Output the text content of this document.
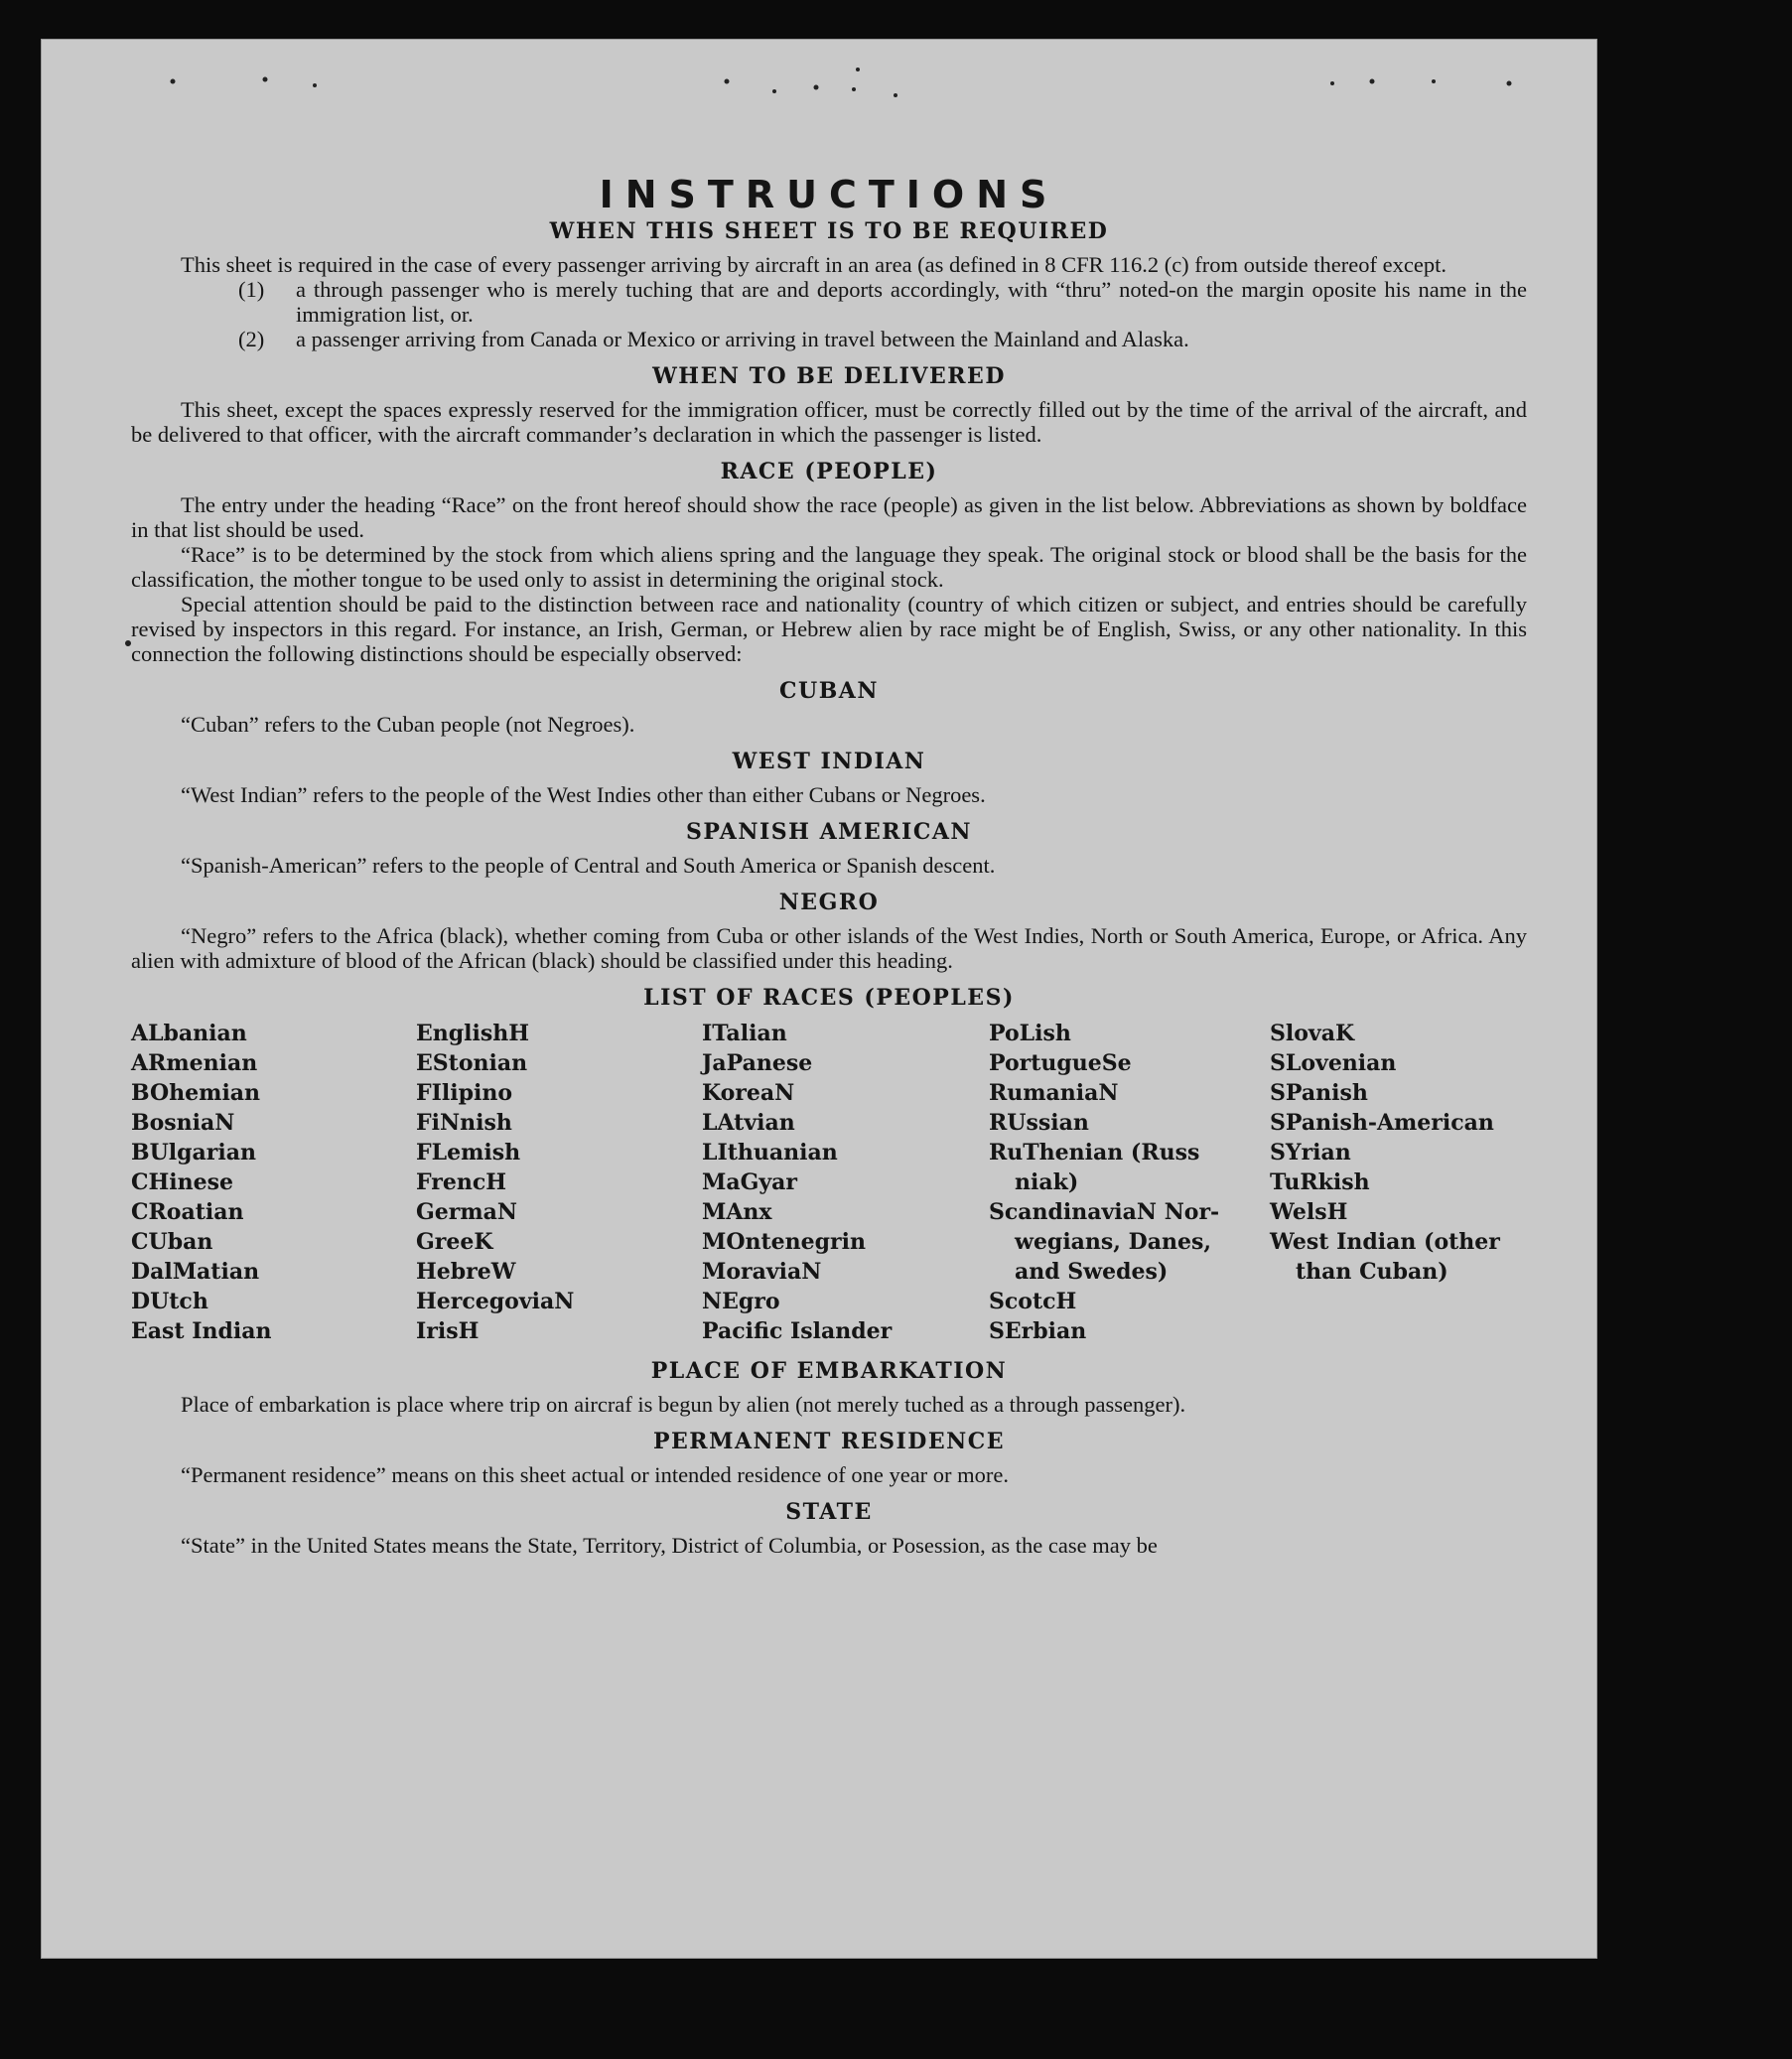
INSTRUCTIONS
WHEN THIS SHEET IS TO BE REQUIRED

This sheet is required in the case of every passenger arriving by aircraft in an area (as defined in 8 CFR 116.2 (c) from outside thereof except.

(1)	a through passenger who is merely tuching that are and deports accordingly, with “thru” noted-on the margin oposite his name in the immigration list, or.
(2)	a passenger arriving from Canada or Mexico or arriving in travel between the Mainland and Alaska.
WHEN TO BE DELIVERED

This sheet, except the spaces expressly reserved for the immigration officer, must be correctly filled out by the time of the arrival of the aircraft, and be delivered to that officer, with the aircraft commander’s declaration in which the passenger is listed.

RACE (PEOPLE)

The entry under the heading “Race” on the front hereof should show the race (people) as given in the list below. Abbreviations as shown by boldface in that list should be used.

“Race” is to be determined by the stock from which aliens spring and the language they speak. The original stock or blood shall be the basis for the classification, the mother tongue to be used only to assist in determining the original stock.

Special attention should be paid to the distinction between race and nationality (country of which citizen or subject, and entries should be carefully revised by inspectors in this regard. For instance, an Irish, German, or Hebrew alien by race might be of English, Swiss, or any other nationality. In this connection the following distinctions should be especially observed:

CUBAN

“Cuban” refers to the Cuban people (not Negroes).

WEST INDIAN

“West Indian” refers to the people of the West Indies other than either Cubans or Negroes.

SPANISH AMERICAN

“Spanish-American” refers to the people of Central and South America or Spanish descent.

NEGRO

“Negro” refers to the Africa (black), whether coming from Cuba or other islands of the West Indies, North or South America, Europe, or Africa. Any alien with admixture of blood of the African (black) should be classified under this heading.

LIST OF RACES (PEOPLES)
ALbanian
ARmenian
BOhemian
BosniaN
BUlgarian
CHinese
CRoatian
CUban
DalMatian
DUtch
East Indian
EnglishH
EStonian
FIlipino
FiNnish
FLemish
FrencH
GermaN
GreeK
HebreW
HercegoviaN
IrisH
ITalian
JaPanese
KoreaN
LAtvian
LIthuanian
MaGyar
MAnx
MOntenegrin
MoraviaN
NEgro
Pacific Islander
PoLish
PortugueSe
RumaniaN
RUssian
RuThenian (Russ
niak)
ScandinaviaN Nor-
wegians, Danes,
and Swedes)
ScotcH
SErbian
SlovaK
SLovenian
SPanish
SPanish-American
SYrian
TuRkish
WelsH
West Indian (other
than Cuban)
PLACE OF EMBARKATION

Place of embarkation is place where trip on aircraf is begun by alien (not merely tuched as a through passenger).

PERMANENT RESIDENCE

“Permanent residence” means on this sheet actual or intended residence of one year or more.

STATE

“State” in the United States means the State, Territory, District of Columbia, or Posession, as the case may be
